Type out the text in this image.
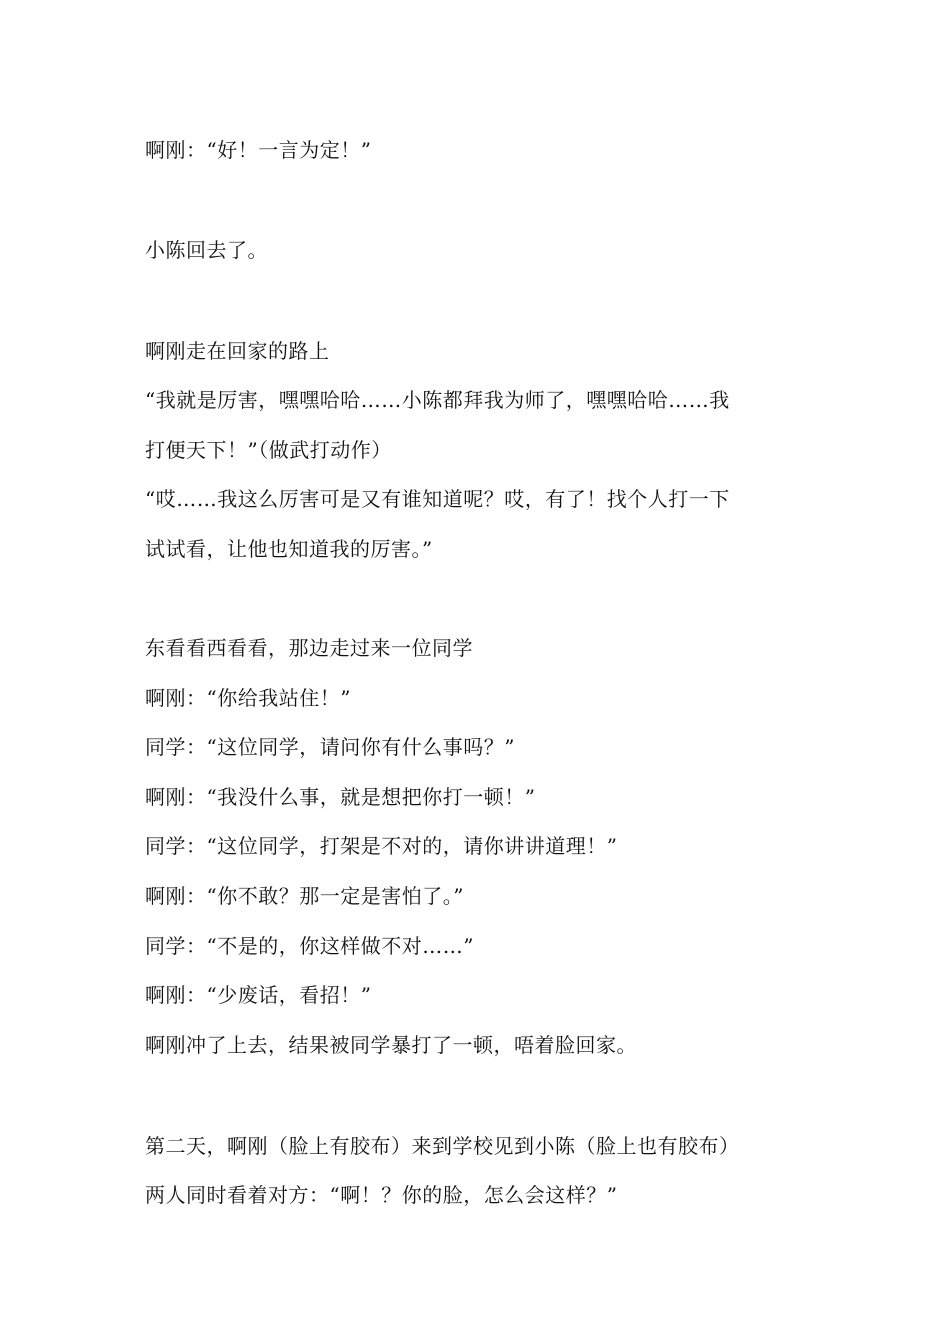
啊刚：“好！一言为定！”
小陈回去了。
啊刚走在回家的路上
“我就是厉害，嘿嘿哈哈……小陈都拜我为师了，嘿嘿哈哈……我
打便天下！”（做武打动作）
“哎……我这么厉害可是又有谁知道呢？哎，有了！找个人打一下
试试看，让他也知道我的厉害。”
东看看西看看，那边走过来一位同学
啊刚：“你给我站住！”
同学：“这位同学，请问你有什么事吗？”
啊刚：“我没什么事，就是想把你打一顿！”
同学：“这位同学，打架是不对的，请你讲讲道理！”
啊刚：“你不敢？那一定是害怕了。”
同学：“不是的，你这样做不对……”
啊刚：“少废话，看招！”
啊刚冲了上去，结果被同学暴打了一顿，唔着脸回家。
第二天，啊刚（脸上有胶布）来到学校见到小陈（脸上也有胶布）
两人同时看着对方：“啊！？你的脸，怎么会这样？”
